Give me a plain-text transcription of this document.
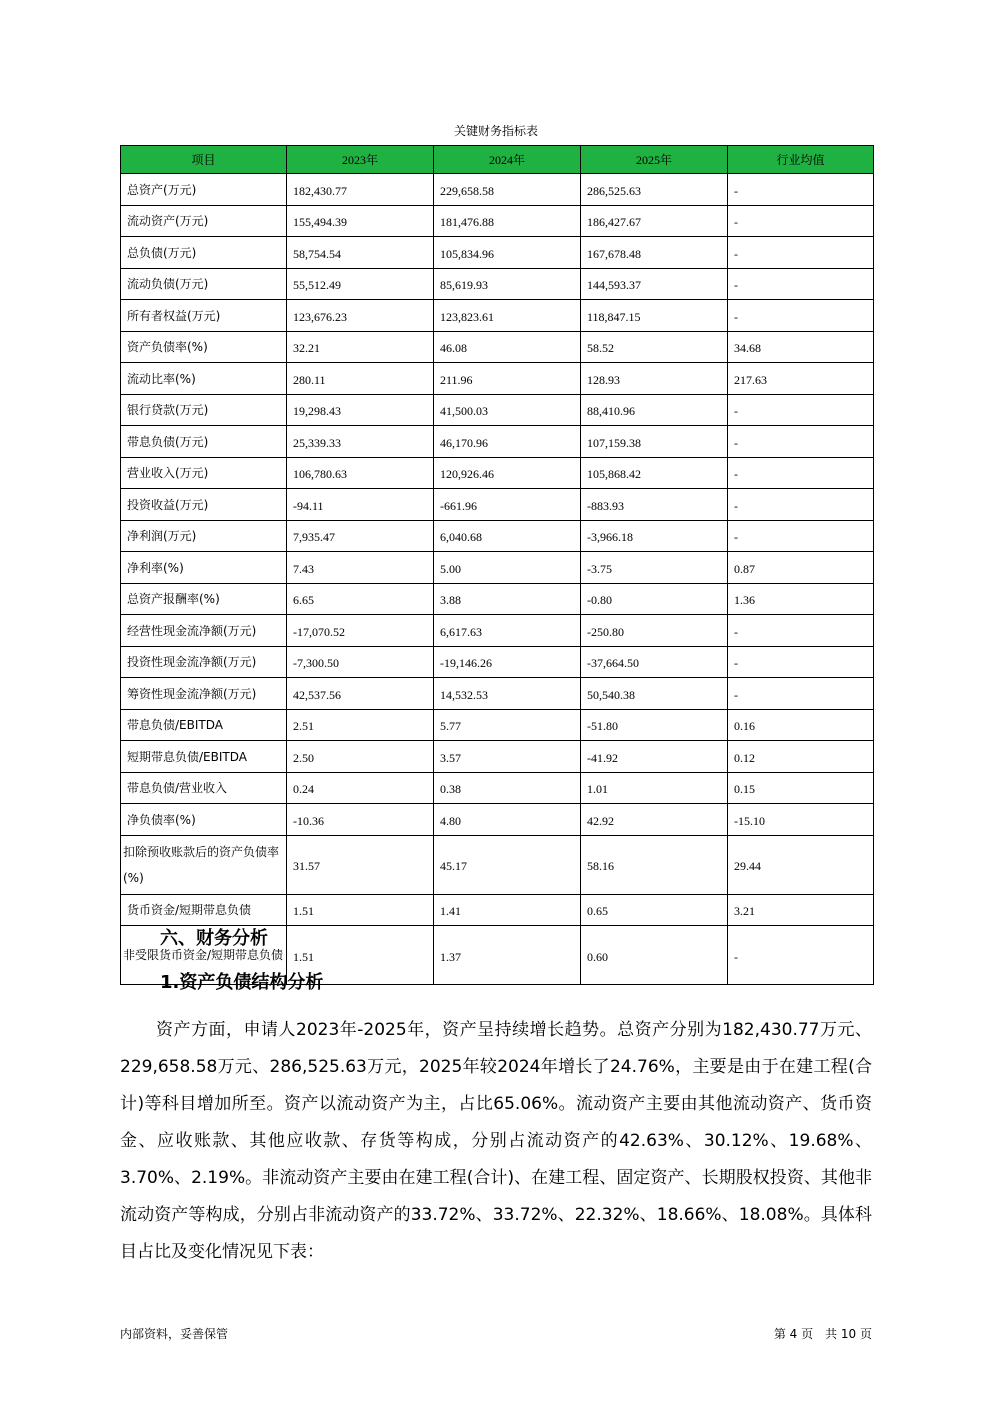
关键财务指标表
项目	2023年	2024年	2025年	行业均值
总资产(万元)	182,430.77	229,658.58	286,525.63	-
流动资产(万元)	155,494.39	181,476.88	186,427.67	-
总负债(万元)	58,754.54	105,834.96	167,678.48	-
流动负债(万元)	55,512.49	85,619.93	144,593.37	-
所有者权益(万元)	123,676.23	123,823.61	118,847.15	-
资产负债率(%)	32.21	46.08	58.52	34.68
流动比率(%)	280.11	211.96	128.93	217.63
银行贷款(万元)	19,298.43	41,500.03	88,410.96	-
带息负债(万元)	25,339.33	46,170.96	107,159.38	-
营业收入(万元)	106,780.63	120,926.46	105,868.42	-
投资收益(万元)	-94.11	-661.96	-883.93	-
净利润(万元)	7,935.47	6,040.68	-3,966.18	-
净利率(%)	7.43	5.00	-3.75	0.87
总资产报酬率(%)	6.65	3.88	-0.80	1.36
经营性现金流净额(万元)	-17,070.52	6,617.63	-250.80	-
投资性现金流净额(万元)	-7,300.50	-19,146.26	-37,664.50	-
筹资性现金流净额(万元)	42,537.56	14,532.53	50,540.38	-
带息负债/EBITDA	2.51	5.77	-51.80	0.16
短期带息负债/EBITDA	2.50	3.57	-41.92	0.12
带息负债/营业收入	0.24	0.38	1.01	0.15
净负债率(%)	-10.36	4.80	42.92	-15.10
扣除预收账款后的资产负债率(%)	31.57	45.17	58.16	29.44
货币资金/短期带息负债	1.51	1.41	0.65	3.21
非受限货币资金/短期带息负债	1.51	1.37	0.60	-
六、财务分析
1.资产负债结构分析
资产方面，申请人2023年-2025年，资产呈持续增长趋势。总资产分别为182,430.77万元、229,658.58万元、286,525.63万元，2025年较2024年增长了24.76%，主要是由于在建工程(合计)等科目增加所至。资产以流动资产为主，占比65.06%。流动资产主要由其他流动资产、货币资金、应收账款、其他应收款、存货等构成，分别占流动资产的42.63%、30.12%、19.68%、3.70%、2.19%。非流动资产主要由在建工程(合计)、在建工程、固定资产、长期股权投资、其他非流动资产等构成，分别占非流动资产的33.72%、33.72%、22.32%、18.66%、18.08%。具体科目占比及变化情况见下表：
内部资料，妥善保管	第 4 页　共 10 页
